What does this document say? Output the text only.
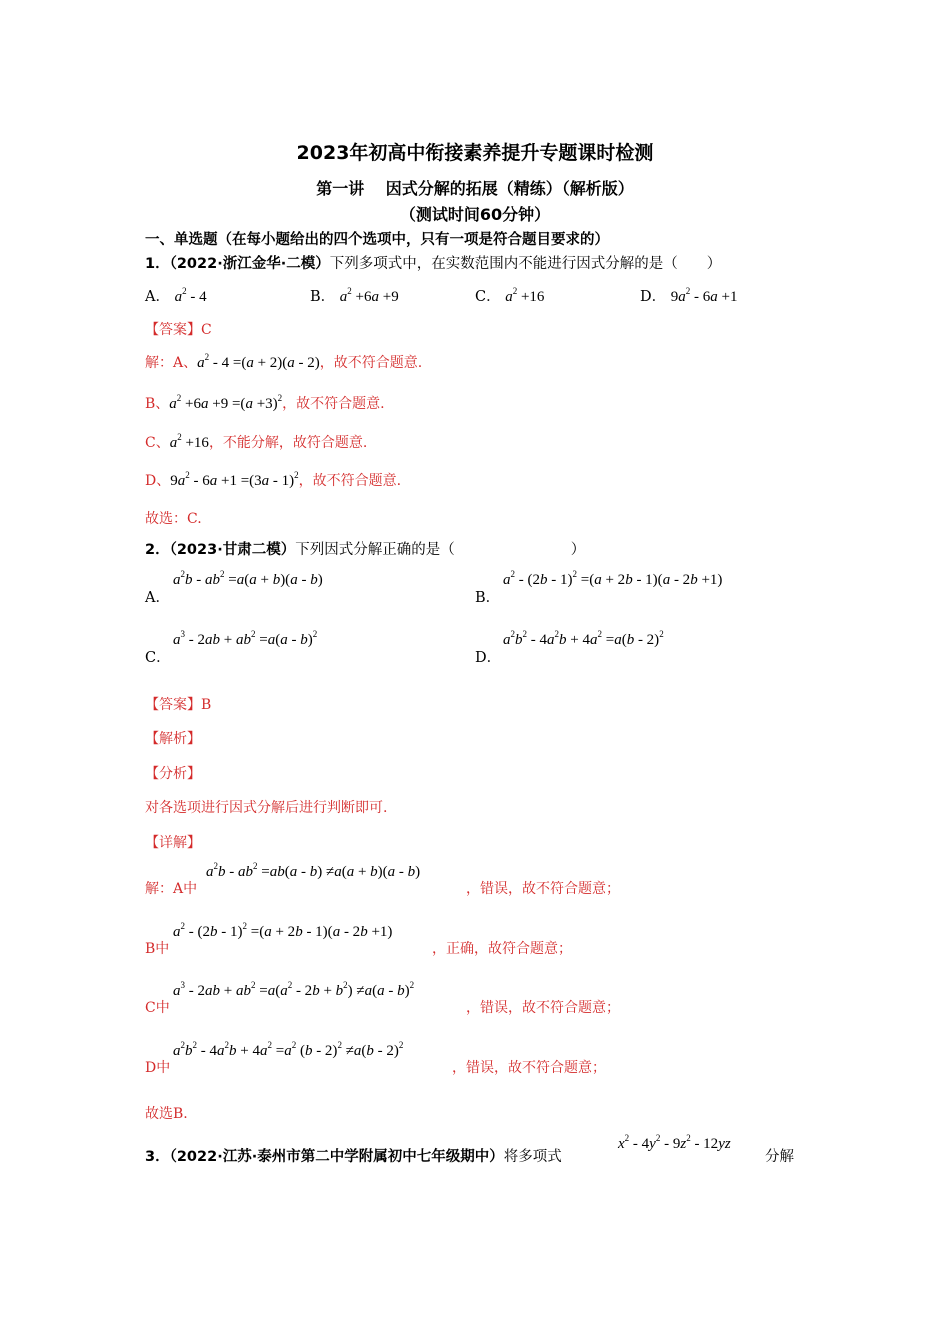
2023年初高中衔接素养提升专题课时检测
第一讲　 因式分解的拓展（精练）（解析版）
（测试时间60分钟）
一、单选题（在每小题给出的四个选项中，只有一项是符合题目要求的）
1．（2022·浙江金华·二模）下列多项式中，在实数范围内不能进行因式分解的是（　　）
A． $a^2 - 4$	B． $a^2 +6a +9$	C． $a^2 +16$	D． $9a^2 - 6a +1$
【答案】C
解：A、$a^2 - 4 =(a + 2)(a - 2)$，故不符合题意.
B、$a^2 +6a +9 =(a +3)^2$，故不符合题意.
C、$a^2 +16$，不能分解，故符合题意.
D、$9a^2 - 6a +1 =(3a - 1)^2$，故不符合题意.
故选：C.
2．（2023·甘肃二模）下列因式分解正确的是（　　　　　　　　）
A．
$a^2b - ab^2 =a(a + b)(a - b)$
B．
$a^2 - (2b - 1)^2 =(a + 2b - 1)(a - 2b +1)$
C．
$a^3 - 2ab + ab^2 =a(a - b)^2$
D．
$a^2b^2 - 4a^2b + 4a^2 =a(b - 2)^2$
【答案】B
【解析】
【分析】
对各选项进行因式分解后进行判断即可.
【详解】
解：A中
$a^2b - ab^2 =ab(a - b) \ne a(a + b)(a - b)$
，错误，故不符合题意；
B中
$a^2 - (2b - 1)^2 =(a + 2b - 1)(a - 2b +1)$
，正确，故符合题意；
C中
$a^3 - 2ab + ab^2 =a(a^2 - 2b + b^2) \ne a(a - b)^2$
，错误，故不符合题意；
D中
$a^2b^2 - 4a^2b + 4a^2 =a^2$ (b - 2)$^2$ ≠a(b - 2)$^2$
，错误，故不符合题意；
故选B.
3．（2022·江苏·泰州市第二中学附属初中七年级期中）将多项式
$x^2 - 4y^2 - 9z^2 - 12yz$
分解
